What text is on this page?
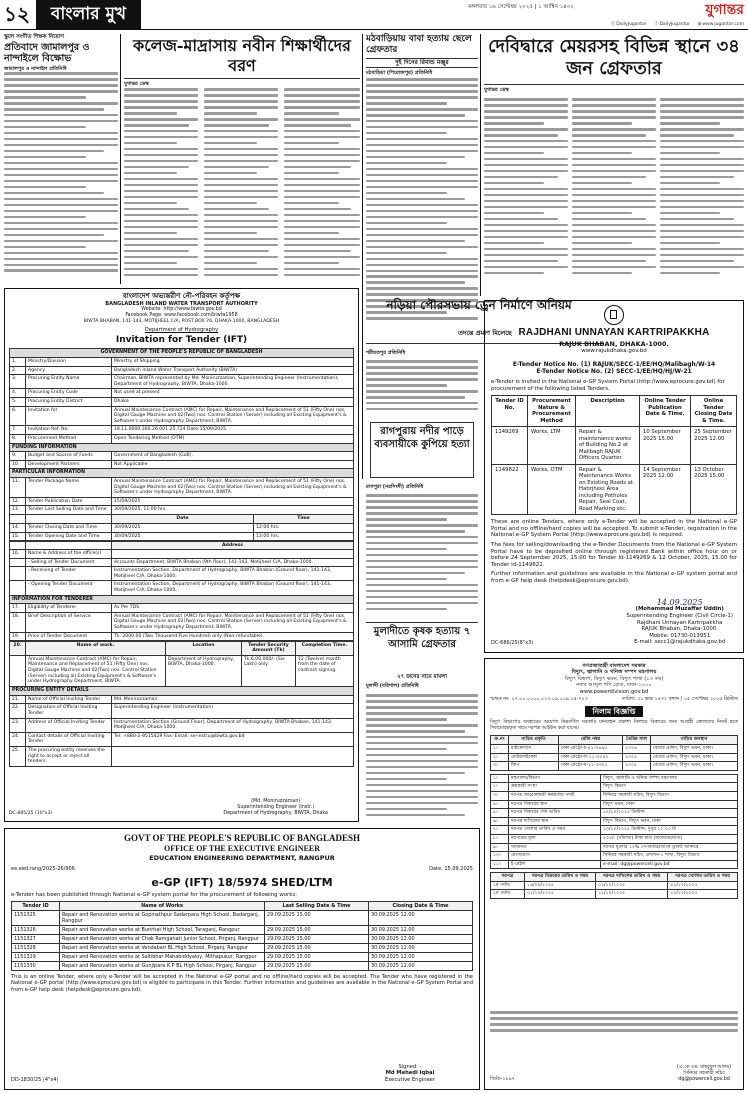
১২	বাংলার মুখ	মঙ্গলবার ১৬ সেপ্টেম্বর ২০২৫ | ১ আশ্বিন ১৪৩২	যুগান্তর
ⓕDailyJugantor ⓕDailyJugantor ◍www.jugantor.com
স্কুলে সংগীত শিক্ষক নিয়োগ
প্রতিবাদে জামালপুর ও নান্দাইলে বিক্ষোভ
জামালপুর ও নান্দাইল প্রতিনিধি
কলেজ-মাদ্রাসায় নবীন শিক্ষার্থীদের বরণ
যুগান্তর ডেস্ক
মঠবাড়িয়ায় বাবা হত্যায় ছেলে গ্রেফতার
দুই দিনের রিমান্ড মঞ্জুর
মঠবাড়িয়া (পিরোজপুর) প্রতিনিধি
দেবিদ্বারে মেয়রসহ বিভিন্ন স্থানে ৩৪ জন গ্রেফতার
যুগান্তর ডেস্ক
বাংলাদেশ অভ্যন্তরীণ নৌ-পরিবহন কর্তৃপক্ষ
BANGLADESH INLAND WATER TRANSPORT AUTHORITY
Website: http://www.biwta.gov.bd
Facebook Page: www.facebook.com/biwta1958
BIWTA BHABAN, 141-143, MOTIJHEEL C/A, POST BOX 76, DHAKA-1000, BANGLADESH
Department of Hydrography
Invitation for Tender (IFT)
GOVERNMENT OF THE PEOPLE'S REPUBLIC OF BANGLADESH		
1.	Ministry/Division	Ministry of Shipping
2.	Agency	Bangladesh Inland Water Transport Authority (BIWTA)
3.	Procuring Entity Name	Chairman, BIWTA represented by Md. Moniruzzaman, Superintending Engineer (Instrumentation), Department of Hydrography, BIWTA, Dhaka-1000.
4.	Procuring Entity Code	Not used at present
5.	Procuring Entity District	Dhaka
6.	Invitation for	Annual Maintenance Contract (AMC) for Repair, Maintenance and Replacement of 51 (Fifty One) nos. Digital Gauge Machine and 02(Two) nos. Control Station (Server) including all Existing Equipment's & Software's under Hydrography Department, BIWTA.
7.	Invitation Ref. No.	18.11.0000.300.26.001.25.724 Date:15/09/2025
8.	Procurement Method	Open Tendering Method (OTM)
FUNDING INFORMATION		
9.	Budget and Source of Funds	Government of Bangladesh (GoB).
10.	Development Partners	Not Applicable
PARTICULAR INFORMATION		
11.	Tender Package Name	Annual Maintenance Contract (AMC) for Repair, Maintenance and Replacement of 51 (Fifty One) nos. Digital Gauge Machine and 02(Two) nos. Control Station (Server) including all Existing Equipment's & Software's under Hydrography Department, BIWTA.
12.	Tender Publication Date	15/09/2025
13.	Tender Last Selling Date and Time	30/09/2025, 11:00 hrs.
		Date	Time
14.	Tender Closing Date and Time	30/09/2025	12:00 hrs.
15.	Tender Opening Date and Time	30/09/2025	13:00 hrs.
		Address
16.	Name & Address of the office(s)	
	- Selling of Tender Document	Accounts Department, BIWTA Bhaban (9th floor), 141-143, Motijheel C/A, Dhaka-1000.
	- Receiving of Tender	Instrumentation Section, Department of Hydrography, BIWTA Bhaban (Ground floor), 141-143, Motijheel C/A, Dhaka-1000.
	- Opening Tender Document	Instrumentation Section, Department of Hydrography, BIWTA Bhaban (Ground floor), 141-143, Motijheel C/A, Dhaka-1000.
INFORMATION FOR TENDERER		
17.	Eligibility of Tenderer	As Per TDS
18.	Brief Description of Service	Annual Maintenance Contract (AMC) for Repair, Maintenance and Replacement of 51 (Fifty One) nos. Digital Gauge Machine and 02(Two) nos. Control Station (Server) including all Existing Equipment's & Software's under Hydrography Department, BIWTA.
19.	Price of Tender Document	Tk. 2000.00 (Two Thousand Five Hundred) only (Non-refundable).
20.	Name of work.	Location	Tender Security Amount (Tk)	Completion Time.
	Annual Maintenance Contract (AMC) for Repair, Maintenance and Replacement of 51 (Fifty One) nos. Digital Gauge Machine and 02(Two) nos. Control Station (Server) including all Existing Equipment's & Software's under Hydrography Department, BIWTA.	Department of Hydrography, BIWTA, Dhaka-1000.	Tk.6,00,000/- (Six Lakh) only.	12 (Twelve) month from the date of contract signing.
PROCURING ENTITY DETAILS		
21.	Name of Official Inviting Tender	Md. Moniruzzaman
22.	Designation of Official Inviting Tender	Superintending Engineer (Instrumentation)
23.	Address of Official Inviting Tender	Instrumentation Section (Ground Floor), Department of Hydrography, BIWTA Bhaban, 141-143, Motijheel C/A, Dhaka-1000.
24.	Contact details of Official Inviting Tender	Tel: +880-2-9515429 Fax: Email: se-instru@biwta.gov.bd
25.	The procuring entity reserves the right to accept or reject all tenders.	
(Md. Moniruzzaman)
Superintending Engineer (Instr.)
Department of Hydrography, BIWTA, Dhaka
DC-885/25 (10"x3)
নড়িয়া পৌরসভায় ড্রেন নির্মাণে অনিয়ম
তদন্তে প্রমাণ মিলেছে
শরীয়তপুর প্রতিনিধি
রাগপুরায় নদীর পাড়ে ব্যবসায়ীকে কুপিয়ে হত্যা
রাগপুরা (নরসিংদী) প্রতিনিধি
মুলাদীতে কৃষক হত্যায় ৭ আসামি গ্রেফতার
২৭ জনের নামে মামলা
মুলাদী (বরিশাল) প্রতিনিধি
RAJDHANI UNNAYAN KARTRIPAKKHA
RAJUK BHABAN, DHAKA-1000.
www.rajukdhaka.gov.bd
E-Tender Notice No. (1) RAJUK/SECC-1/EE/HQ/Malibagh/W-14
E-Tender Notice No. (2) SECC-1/EE/HQ/HJ/W-21
e-Tender is invited in the National e-GP System Portal (http://www.eprocure.gov.bd) for procurement of the following listed Tenders.
Tender ID No.	Procurement Nature & Procurement Method	Description	Online Tender Publication Date & Time.	Online Tender Closing Date & Time.
1149269	Works, LTM	Repair & maintenance works of Building No.2 at Malibagh RAJUK Officers Quarter.	10 September 2025 15.00	25 September 2025 12.00
1149822	Works, OTM	Repair & Maintenance Works on Existing Roads at Hatirjheel Area including Potholes Repair, Seal Coat, Road Marking etc.	14 September 2025 12.00	13 October 2025 15.00
These are online Tenders, where only e-Tender will be accepted in the National e-GP Portal and no offline/hard copies will be accepted. To submit e-Tender, registration in the National e-GP System Portal (http://www.eprocure.gov.bd) is required.
The fees for selling/downloading the e-Tender Documents from the National e-GP System Portal have to be deposited online through registered Bank within office hour on or before 24 September 2025, 15:00 for Tender Id-1149269 & 12 October, 2025, 15.00 for Tender Id-1149822.
Further information and guidelines are available in the National e-GP system portal and from e-GP help desk (helpdesk@eprocure.gov.bd).
14.09.2025
(Mohammad Muzaffar Uddin)
Superintending Engineer (Civil Circle-1)
Rajdhani Unnayan Kartripakkha
RAJUK Bhaban, Dhaka-1000.
Mobile: 01730-013951
E-mail: secc1@rajukdhaka.gov.bd
DC-686/25(8"x3)
গণপ্রজাতন্ত্রী বাংলাদেশ সরকার
বিদ্যুৎ, জ্বালানি ও খনিজ সম্পদ মন্ত্রণালয়
বিদ্যুৎ বিভাগ, বিদ্যুৎ ভবন, বিদ্যুৎ শাখা (১৩ তম)
নবাব আব্দুল গণি রোড, ঢাকা-১০০০
www.powerdivision.gov.bd
স্মারক নং: ২৭.০০.০০০০.০২৩.০৯.০০৯.২৫-৭২৩	তারিখ: ৩১ ভাদ্র ১৪৩২ বঙ্গাব্দ / ১৫ সেপ্টেম্বর ২০২৫ খ্রিস্টাব্দ
নিলাম বিজ্ঞপ্তি
বিদ্যুৎ বিভাগের ব্যবহারের অযোগ্য নিম্নবর্ণিত সরকারি যানবাহন প্রকাশ্য নিলামে বিক্রয়ের জন্য আগ্রহী ক্রেতাদের নিকট হতে সিলমোহরকৃত খামে দরপত্র আহ্বান করা যাচ্ছে।
ক্র.নং	গাড়ির প্রকৃতি	রেজি নম্বর	তৈরির সাল	গাড়ির অবস্থান
১।	মাইক্রোবাস	ঢাকা-মেট্রো-চ-৫১-০৬৯৩	২০০৬	বেতার প্রাঙ্গণ, বিদ্যুৎ ভবন, ঢাকা।
২।	মোটরসাইকেল	ঢাকা-মেট্রো-ল-১১-৩০৪০	২০০৪	বেতার প্রাঙ্গণ, বিদ্যুৎ ভবন, ঢাকা।
৩।	জিপ	ঢাকা-মেট্রো-ঘ-১১-৩৩০২	২০০৫	বেতার প্রাঙ্গণ, বিদ্যুৎ ভবন, ঢাকা।
১।	মন্ত্রণালয়/বিভাগ	বিদ্যুৎ, জ্বালানি ও খনিজ সম্পদ মন্ত্রণালয়
২।	ক্রয়কারী সংস্থা	বিদ্যুৎ বিভাগ
৩।	দরপত্র আহ্বানকারী কর্মকর্তার পদবী	সিনিয়র সহকারী সচিব, বিদ্যুৎ বিভাগ
৪।	দরপত্র বিক্রয়ের স্থান	বিদ্যুৎ ভবন, ঢাকা
৫।	দরপত্র বিক্রয়ের শেষ তারিখ	১২/১০/২০২৫ খ্রিস্টাব্দ
৬।	দরপত্র দাখিলের স্থান	বিদ্যুৎ বিভাগ, বিদ্যুৎ ভবন, ঢাকা
৭।	দরপত্র খোলার তারিখ ও সময়	১৩/১০/২০২৫ খ্রিস্টাব্দ, দুপুর ১২:০০ টা
৮।	দরপত্রের মূল্য	৫০০/- (পাঁচশত) টাকা মাত্র (অফেরতযোগ্য)
৯।	জামানত	দরপত্র মূল্যের ১০% পে-অর্ডার/ব্যাংক ড্রাফট আকারে
১০।	যোগাযোগ	সিনিয়র সহকারী সচিব, প্রশাসন-১ শাখা, বিদ্যুৎ বিভাগ
১১।	ই-মেইল	e-mail: dg@powercell.gov.bd
দরপত্র	দরপত্র বিক্রয়ের তারিখ ও সময়	দরপত্র দাখিলের তারিখ ও সময়	দরপত্র খোলার তারিখ ও সময়
১ম পর্যায়	১৬/০৯/২০২৫	০১/১০/২০২৫	০১/১০/২০২৫
২য় পর্যায়	০২/১০/২০২৫	১২/১০/২০২৫	১৩/১০/২০২৫
(এ.কে.এম. মাহবুবুল আলম)
সিনিয়র সহকারী সচিব
dg@powercell.gov.bd
জিডি-১৮৯৭
GOVT OF THE PEOPLE'S REPUBLIC OF BANGLADESH
OFFICE OF THE EXECUTIVE ENGINEER
EDUCATION ENGINEERING DEPARTMENT, RANGPUR
ee.eed.rang/2025-26/906	Date: 15.09.2025
e-GP (IFT) 18/5974 SHED/LTM
e-Tender has been published through National e-GP system portal for the procurement of following works:
Tender ID	Name of Works	Last Selling Date & Time	Closing Date & Time
1151325	Repair and Renovation works at Gopinathpur Sadarpara High School, Badarganj, Rangpur	29.09.2025 15.00	30.09.2025 12.00
1151326	Repair and Renovation works at Burirhat High School, Taraganj, Rangpur	29.09.2025 15.00	30.09.2025 12.00
1151327	Repair and Renovation works at Chak Ramganati Junior School, Pirganj, Rangpur	29.09.2025 15.00	30.09.2025 12.00
1151328	Repair and Renovation works at Vendabari BL High School, Pirganj, Rangpur	29.09.2025 15.00	30.09.2025 12.00
1151329	Repair and Renovation works at Saltibhar Mahabiddyaloy, Mithapukur, Rangpur	29.09.2025 15.00	30.09.2025 12.00
1151330	Repair and Renovation works at Gunjipara K.P BL High School, Pirganj, Rangpur	29.09.2025 15.00	30.09.2025 12.00
This is an online Tender, where only e-Tender will be accepted in the National e-GP portal and no offline/hard copies will be accepted. The Tender who have registered in the National e-GP portal (http://www.eprocure.gov.bd) is eligible to participate in this Tender. Further information and guidelines are available in the National e-GP System Portal and from e-GP help desk (helpdesk@eprocure.gov.bd).
Signed: -
Md Mehedi Iqbal
Executive Engineer
DD-1830/25 (4"x4)
